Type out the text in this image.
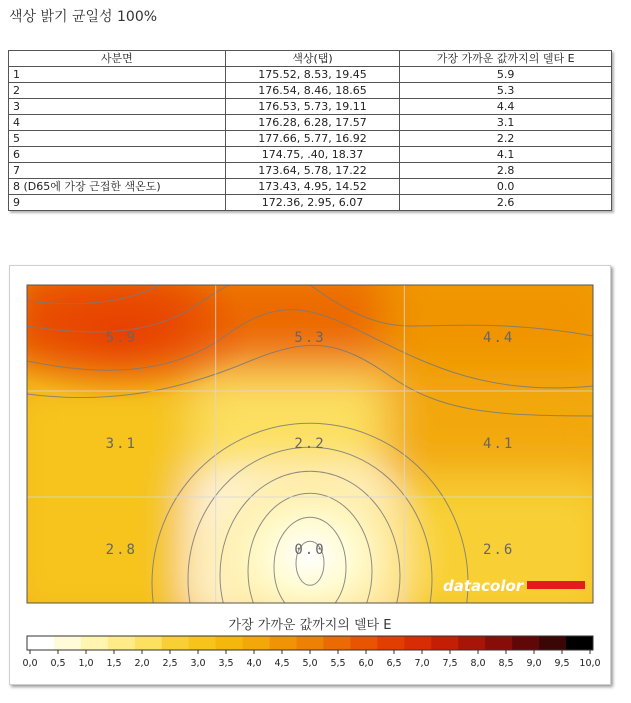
색상 밝기 균일성 100%
사분면	색상(탭)	가장 가까운 값까지의 델타 E
1	175.52, 8.53, 19.45	5.9
2	176.54, 8.46, 18.65	5.3
3	176.53, 5.73, 19.11	4.4
4	176.28, 6.28, 17.57	3.1
5	177.66, 5.77, 16.92	2.2
6	174.75, .40, 18.37	4.1
7	173.64, 5.78, 17.22	2.8
8 (D65에 가장 근접한 색온도)	173.43, 4.95, 14.52	0.0
9	172.36, 2.95, 6.07	2.6
5.9	5.3	4.4
3.1	2.2	4.1
2.8	0.0	2.6
datacolor
가장 가까운 값까지의 델타 E
0,0 0,5 1,0 1,5 2,0 2,5 3,0 3,5 4,0 4,5 5,0 5,5 6,0 6,5 7,0 7,5 8,0 8,5 9,0 9,5 10,0
